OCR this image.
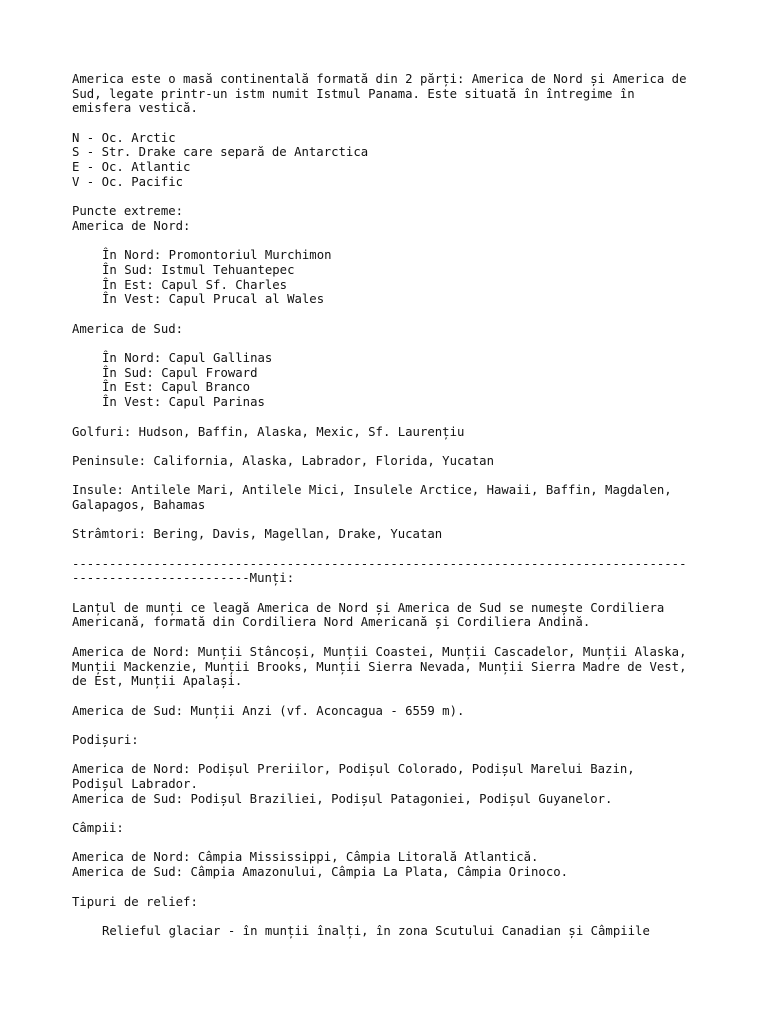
America este o masă continentală formată din 2 părți: America de Nord și America de
Sud, legate printr-un istm numit Istmul Panama. Este situată în întregime în
emisfera vestică.
N - Oc. Arctic
S - Str. Drake care separă de Antarctica
E - Oc. Atlantic
V - Oc. Pacific
Puncte extreme:
America de Nord:
În Nord: Promontoriul Murchimon
În Sud: Istmul Tehuantepec
În Est: Capul Sf. Charles
În Vest: Capul Prucal al Wales
America de Sud:
În Nord: Capul Gallinas
În Sud: Capul Froward
În Est: Capul Branco
În Vest: Capul Parinas
Golfuri: Hudson, Baffin, Alaska, Mexic, Sf. Laurențiu
Peninsule: California, Alaska, Labrador, Florida, Yucatan
Insule: Antilele Mari, Antilele Mici, Insulele Arctice, Hawaii, Baffin, Magdalen,
Galapagos, Bahamas
Strâmtori: Bering, Davis, Magellan, Drake, Yucatan
-----------------------------------------------------------------------------------
------------------------Munți:
Lanțul de munți ce leagă America de Nord și America de Sud se numește Cordiliera
Americană, formată din Cordiliera Nord Americană și Cordiliera Andină.
America de Nord: Munții Stâncoși, Munții Coastei, Munții Cascadelor, Munții Alaska,
Munții Mackenzie, Munții Brooks, Munții Sierra Nevada, Munții Sierra Madre de Vest,
de Est, Munții Apalași.
America de Sud: Munții Anzi (vf. Aconcagua - 6559 m).
Podișuri:
America de Nord: Podișul Preriilor, Podișul Colorado, Podișul Marelui Bazin,
Podișul Labrador.
America de Sud: Podișul Braziliei, Podișul Patagoniei, Podișul Guyanelor.
Câmpii:
America de Nord: Câmpia Mississippi, Câmpia Litorală Atlantică.
America de Sud: Câmpia Amazonului, Câmpia La Plata, Câmpia Orinoco.
Tipuri de relief:
Relieful glaciar - în munții înalți, în zona Scutului Canadian și Câmpiile
